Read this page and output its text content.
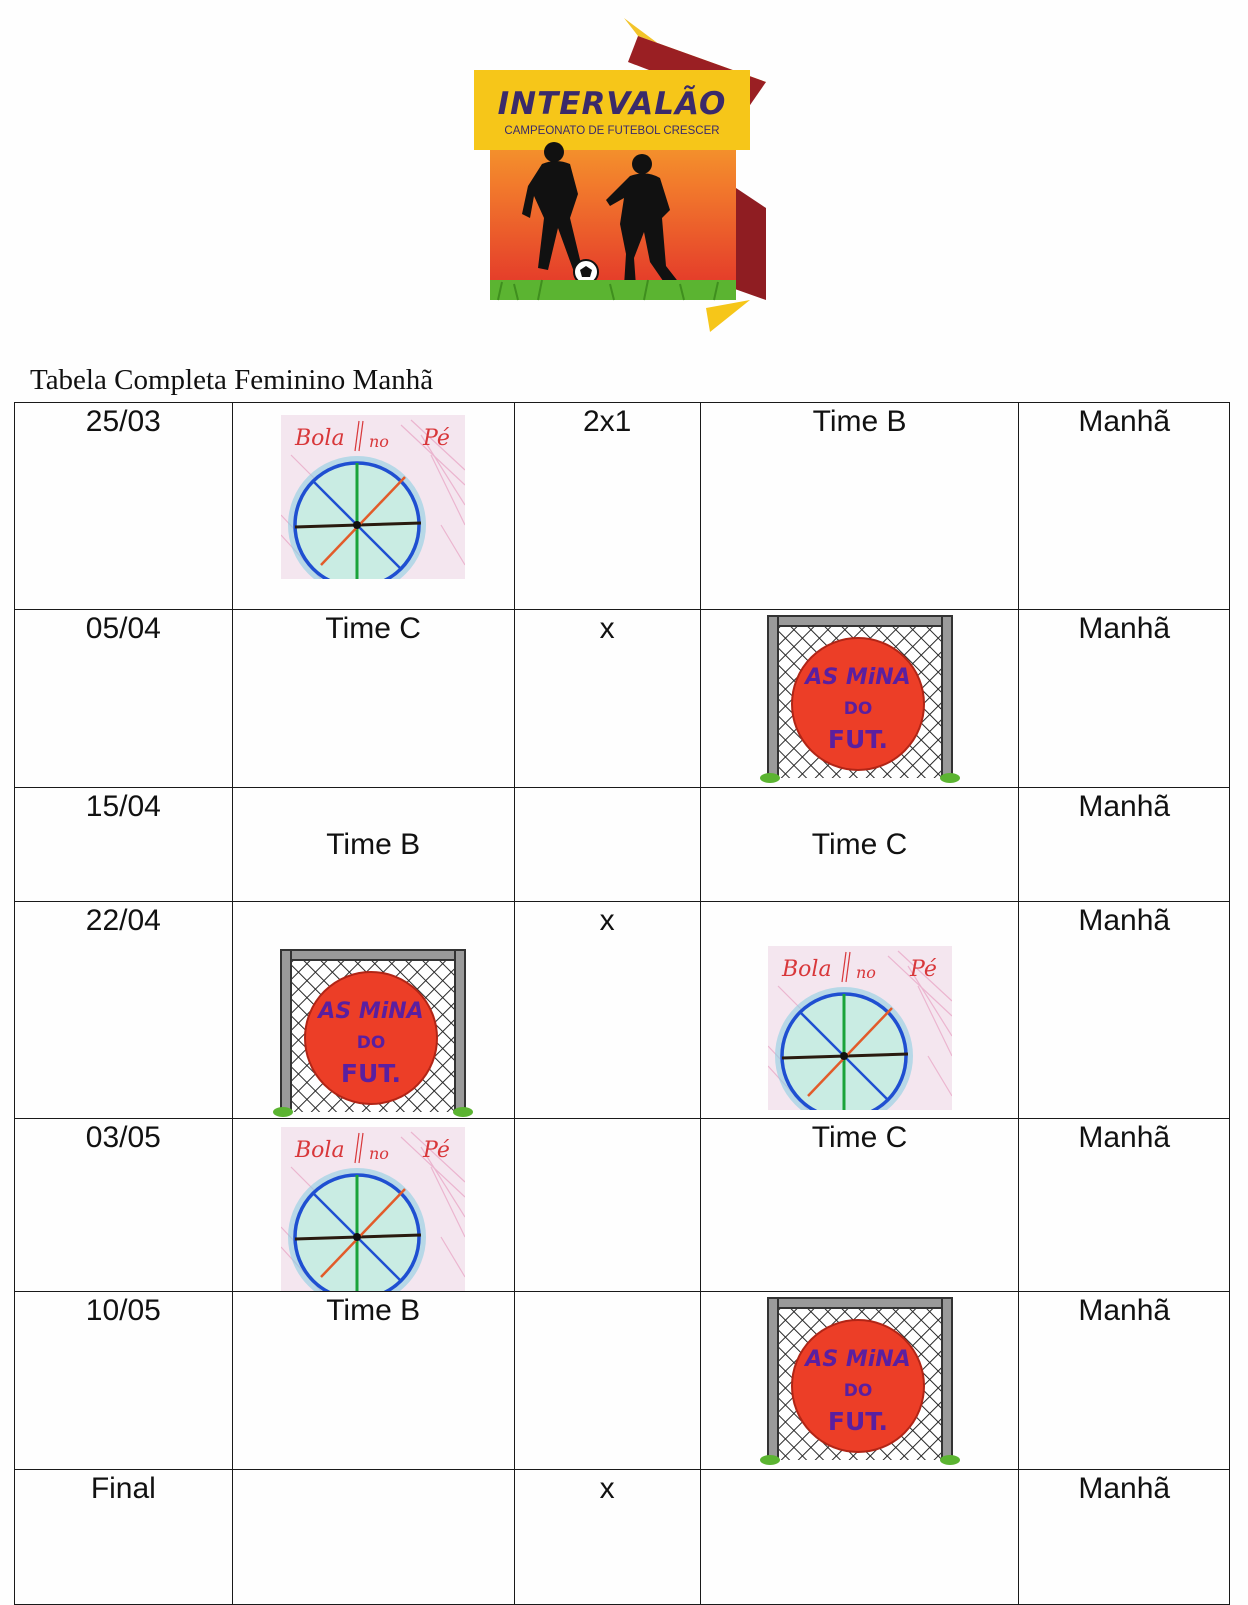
INTERVALÃO
CAMPEONATO DE FUTEBOL CRESCER
Tabela Completa Feminino Manhã
25/03		2x1	Time B	Manhã
05/04	Time C	x		Manhã
15/04	Time B		Time C	Manhã
22/04		x		Manhã
03/05			Time C	Manhã
10/05	Time B			Manhã
Final		x		Manhã
